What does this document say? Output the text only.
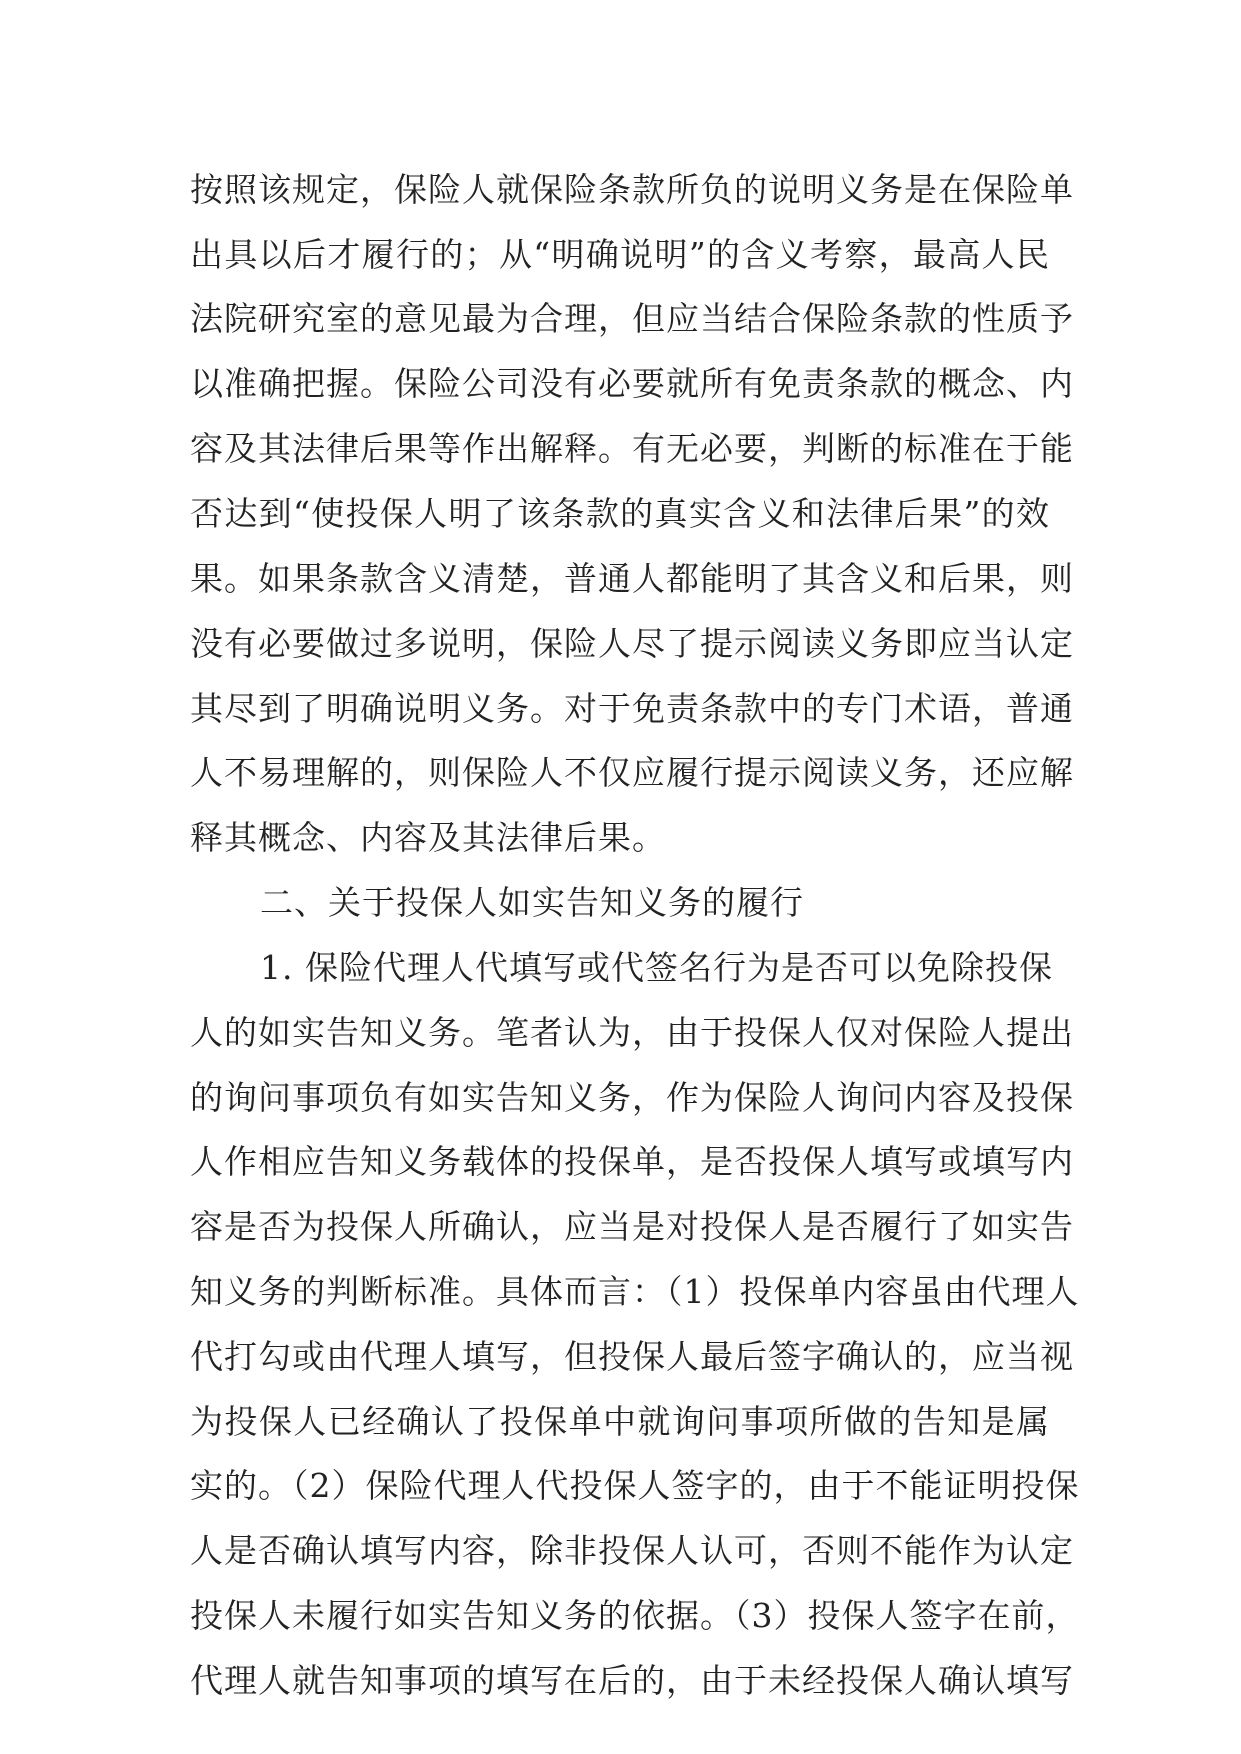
按照该规定，保险人就保险条款所负的说明义务是在保险单
出具以后才履行的；从“明确说明”的含义考察，最高人民
法院研究室的意见最为合理，但应当结合保险条款的性质予
以准确把握。保险公司没有必要就所有免责条款的概念、内
容及其法律后果等作出解释。有无必要，判断的标准在于能
否达到“使投保人明了该条款的真实含义和法律后果”的效
果。如果条款含义清楚，普通人都能明了其含义和后果，则
没有必要做过多说明，保险人尽了提示阅读义务即应当认定
其尽到了明确说明义务。对于免责条款中的专门术语，普通
人不易理解的，则保险人不仅应履行提示阅读义务，还应解
释其概念、内容及其法律后果。
二、关于投保人如实告知义务的履行
1. 保险代理人代填写或代签名行为是否可以免除投保
人的如实告知义务。笔者认为，由于投保人仅对保险人提出
的询问事项负有如实告知义务，作为保险人询问内容及投保
人作相应告知义务载体的投保单，是否投保人填写或填写内
容是否为投保人所确认，应当是对投保人是否履行了如实告
知义务的判断标准。具体而言：（1）投保单内容虽由代理人
代打勾或由代理人填写，但投保人最后签字确认的，应当视
为投保人已经确认了投保单中就询问事项所做的告知是属
实的。（2）保险代理人代投保人签字的，由于不能证明投保
人是否确认填写内容，除非投保人认可，否则不能作为认定
投保人未履行如实告知义务的依据。（3）投保人签字在前，
代理人就告知事项的填写在后的，由于未经投保人确认填写
